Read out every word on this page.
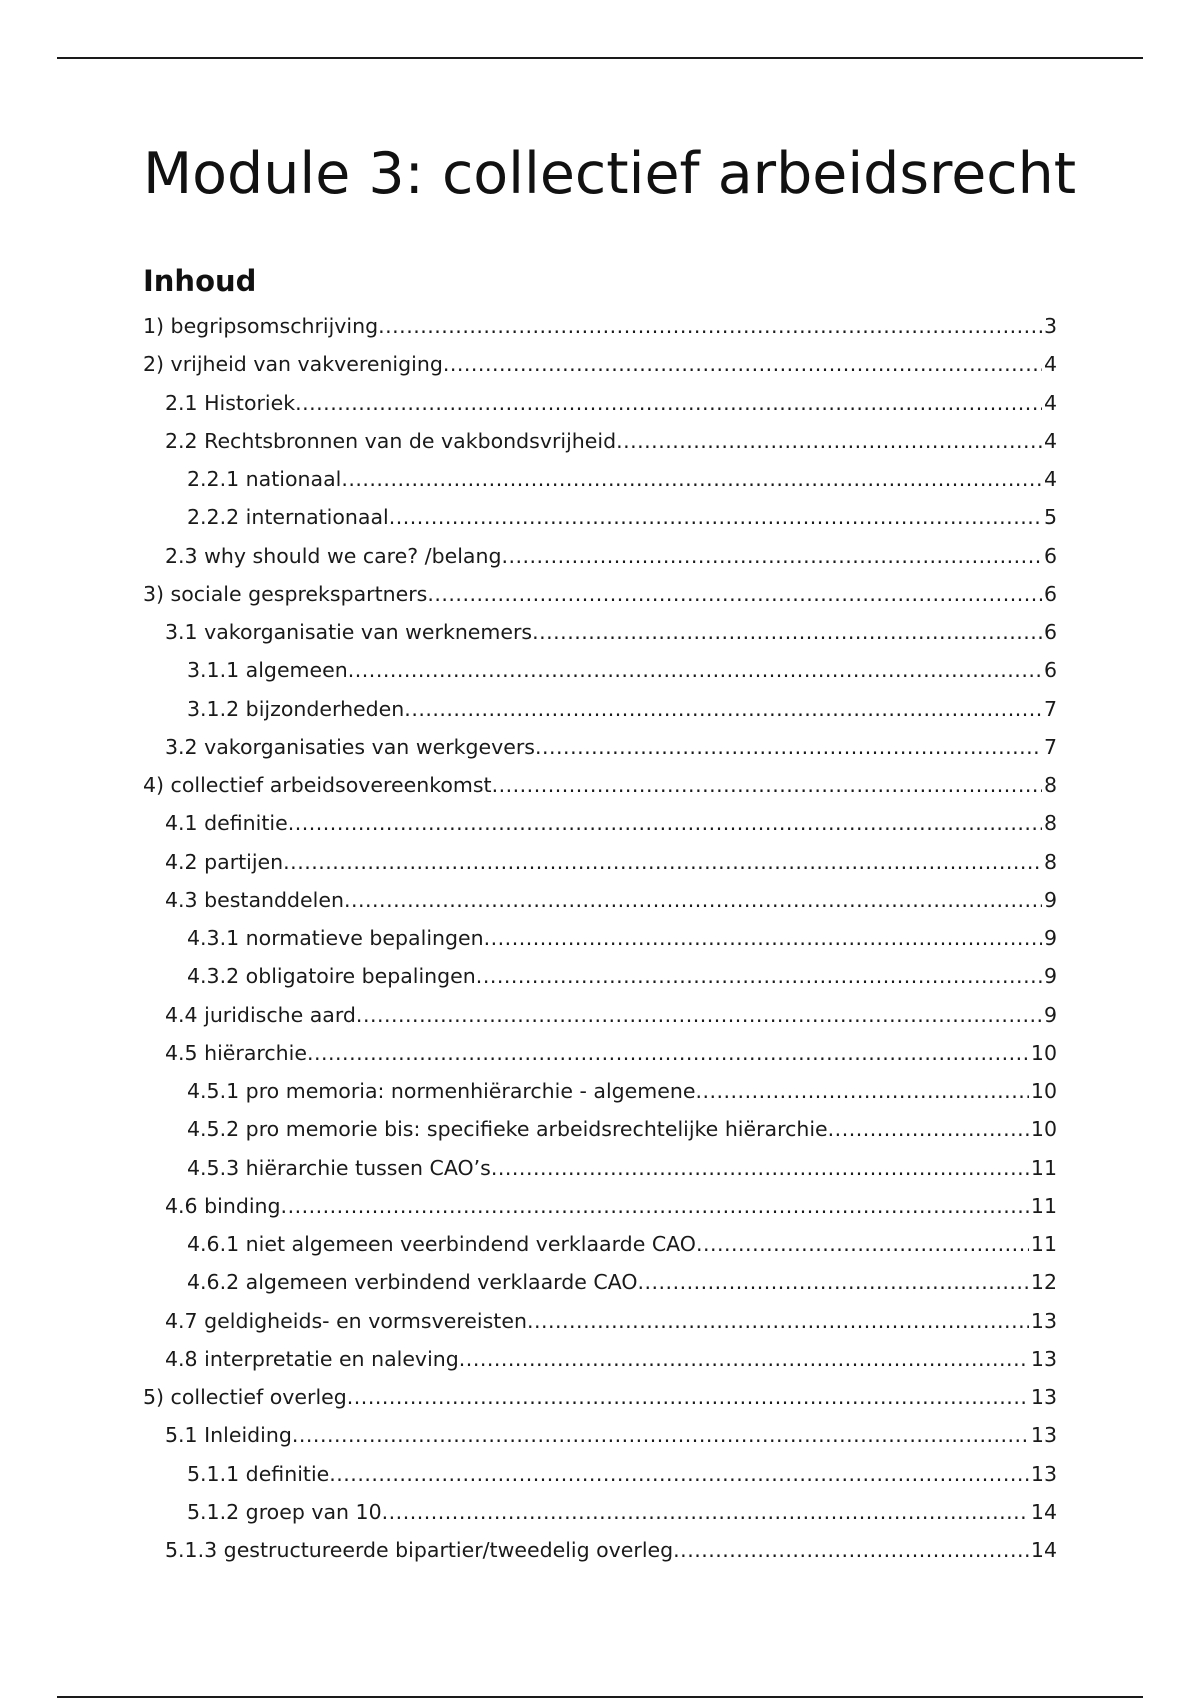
Module 3: collectief arbeidsrecht
Inhoud
1) begripsomschrijving .....	3
2) vrijheid van vakvereniging .....	4
2.1 Historiek .....	4
2.2 Rechtsbronnen van de vakbondsvrijheid .....	4
2.2.1 nationaal .....	4
2.2.2 internationaal .....	5
2.3 why should we care? /belang .....	6
3) sociale gesprekspartners .....	6
3.1 vakorganisatie van werknemers .....	6
3.1.1 algemeen .....	6
3.1.2 bijzonderheden .....	7
3.2 vakorganisaties van werkgevers .....	7
4) collectief arbeidsovereenkomst .....	8
4.1 definitie .....	8
4.2 partijen .....	8
4.3 bestanddelen .....	9
4.3.1 normatieve bepalingen .....	9
4.3.2 obligatoire bepalingen .....	9
4.4 juridische aard .....	9
4.5 hiërarchie .....	10
4.5.1 pro memoria: normenhiërarchie - algemene .....	10
4.5.2 pro memorie bis: specifieke arbeidsrechtelijke hiërarchie .....	10
4.5.3 hiërarchie tussen CAO’s .....	11
4.6 binding .....	11
4.6.1 niet algemeen veerbindend verklaarde CAO .....	11
4.6.2 algemeen verbindend verklaarde CAO .....	12
4.7 geldigheids- en vormsvereisten .....	13
4.8 interpretatie en naleving .....	13
5) collectief overleg .....	13
5.1 Inleiding .....	13
5.1.1 definitie .....	13
5.1.2 groep van 10 .....	14
5.1.3 gestructureerde bipartier/tweedelig overleg .....	14
